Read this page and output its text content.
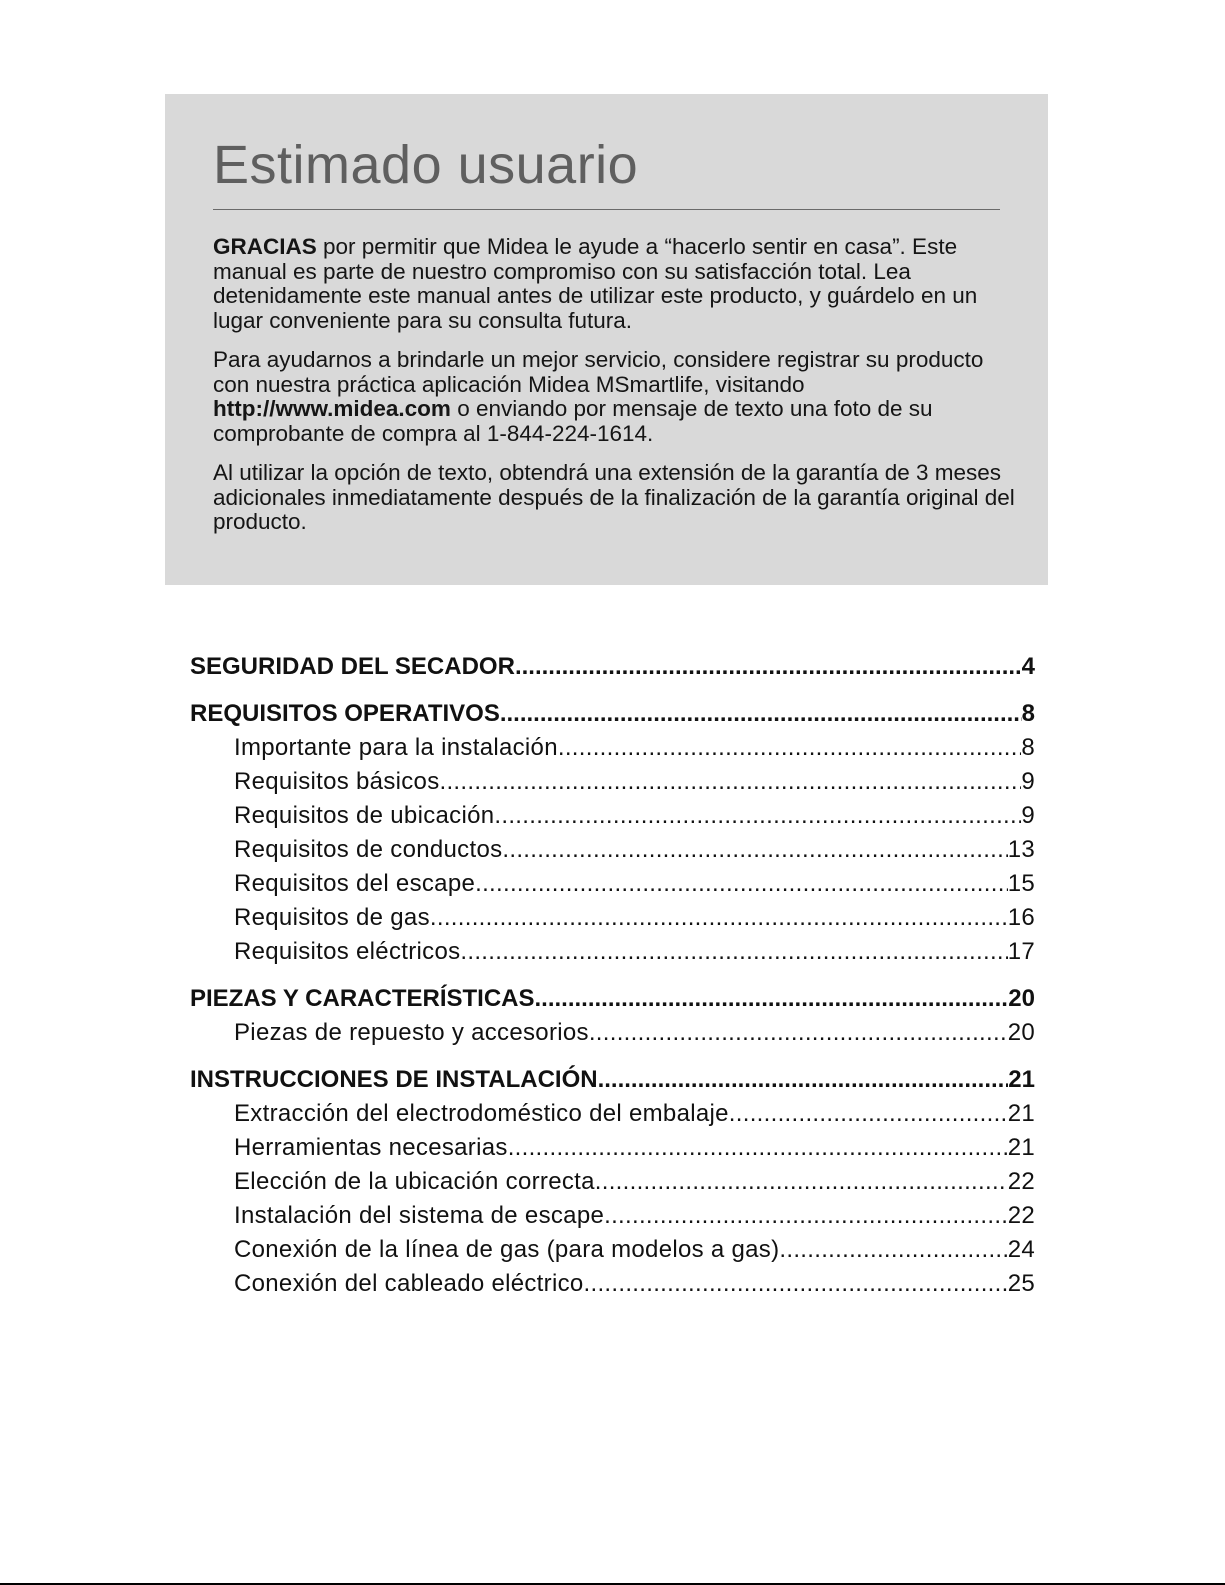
Estimado usuario

GRACIAS por permitir que Midea le ayude a “hacerlo sentir en casa”. Este manual es parte de nuestro compromiso con su satisfacción total. Lea detenidamente este manual antes de utilizar este producto, y guárdelo en un lugar conveniente para su consulta futura.

Para ayudarnos a brindarle un mejor servicio, considere registrar su producto con nuestra práctica aplicación Midea MSmartlife, visitando http://www.midea.com o enviando por mensaje de texto una foto de su comprobante de compra al 1-844-224-1614.

Al utilizar la opción de texto, obtendrá una extensión de la garantía de 3 meses adicionales inmediatamente después de la finalización de la garantía original del producto.

SEGURIDAD DEL SECADOR .....	4
REQUISITOS OPERATIVOS .....	8
Importante para la instalación .....	8
Requisitos básicos .....	9
Requisitos de ubicación .....	9
Requisitos de conductos .....	13
Requisitos del escape .....	15
Requisitos de gas .....	16
Requisitos eléctricos .....	17
PIEZAS Y CARACTERÍSTICAS .....	20
Piezas de repuesto y accesorios .....	20
INSTRUCCIONES DE INSTALACIÓN .....	21
Extracción del electrodoméstico del embalaje .....	21
Herramientas necesarias .....	21
Elección de la ubicación correcta .....	22
Instalación del sistema de escape .....	22
Conexión de la línea de gas (para modelos a gas) .....	24
Conexión del cableado eléctrico .....	25
